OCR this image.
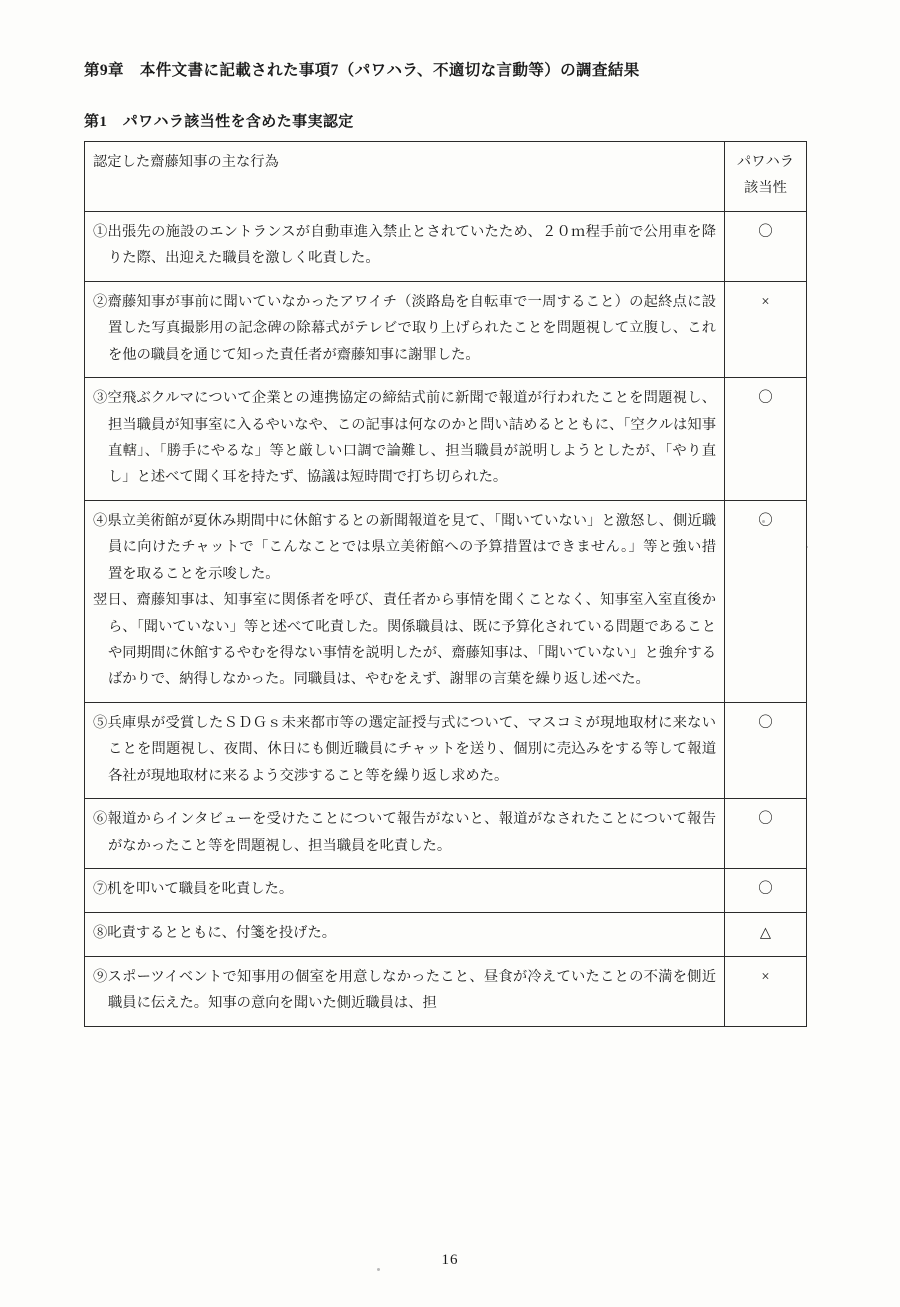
第9章　本件文書に記載された事項7（パワハラ、不適切な言動等）の調査結果
第1　パワハラ該当性を含めた事実認定
認定した齋藤知事の主な行為	パワハラ
該当性

①出張先の施設のエントランスが自動車進入禁止とされていたため、２０ｍ程手前で公用車を降りた際、出迎えた職員を激しく叱責した。	〇

②齋藤知事が事前に聞いていなかったアワイチ（淡路島を自転車で一周すること）の起終点に設置した写真撮影用の記念碑の除幕式がテレビで取り上げられたことを問題視して立腹し、これを他の職員を通じて知った責任者が齋藤知事に謝罪した。	×

③空飛ぶクルマについて企業との連携協定の締結式前に新聞で報道が行われたことを問題視し、担当職員が知事室に入るやいなや、この記事は何なのかと問い詰めるとともに、「空クルは知事直轄」、「勝手にやるな」等と厳しい口調で論難し、担当職員が説明しようとしたが、「やり直し」と述べて聞く耳を持たず、協議は短時間で打ち切られた。	〇

④県立美術館が夏休み期間中に休館するとの新聞報道を見て、「聞いていない」と激怒し、側近職員に向けたチャットで「こんなことでは県立美術館への予算措置はできません。」等と強い措置を取ることを示唆した。

翌日、齋藤知事は、知事室に関係者を呼び、責任者から事情を聞くことなく、知事室入室直後から、「聞いていない」等と述べて叱責した。関係職員は、既に予算化されている問題であることや同期間に休館するやむを得ない事情を説明したが、齋藤知事は、「聞いていない」と強弁するばかりで、納得しなかった。同職員は、やむをえず、謝罪の言葉を繰り返し述べた。	〇

⑤兵庫県が受賞したＳＤＧｓ未来都市等の選定証授与式について、マスコミが現地取材に来ないことを問題視し、夜間、休日にも側近職員にチャットを送り、個別に売込みをする等して報道各社が現地取材に来るよう交渉すること等を繰り返し求めた。	〇

⑥報道からインタビューを受けたことについて報告がないと、報道がなされたことについて報告がなかったこと等を問題視し、担当職員を叱責した。	〇

⑦机を叩いて職員を叱責した。	〇

⑧叱責するとともに、付箋を投げた。	△

⑨スポーツイベントで知事用の個室を用意しなかったこと、昼食が冷えていたことの不満を側近職員に伝えた。知事の意向を聞いた側近職員は、担	×
16
